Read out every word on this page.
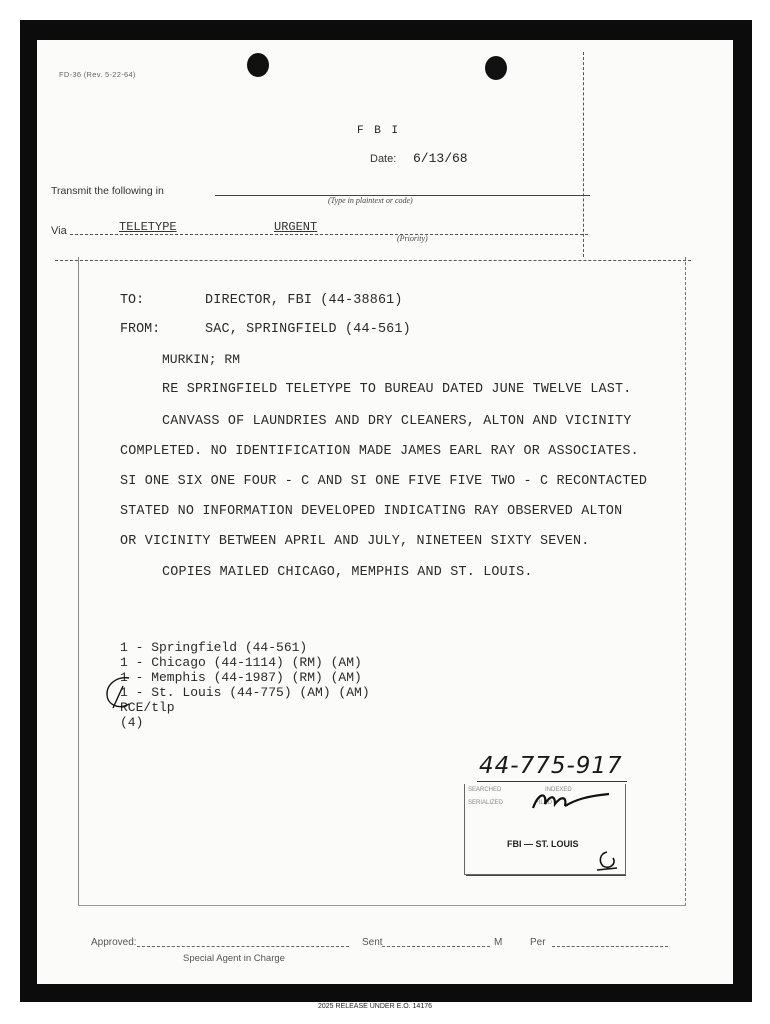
FD-36 (Rev. 5-22-64)
F B I
Date: 6/13/68
Transmit the following in
(Type in plaintext or code)
Via	TELETYPE	URGENT
(Priority)
TO:	DIRECTOR, FBI (44-38861)
FROM:	SAC, SPRINGFIELD (44-561)
MURKIN; RM
RE SPRINGFIELD TELETYPE TO BUREAU DATED JUNE TWELVE LAST.
CANVASS OF LAUNDRIES AND DRY CLEANERS, ALTON AND VICINITY
COMPLETED. NO IDENTIFICATION MADE JAMES EARL RAY OR ASSOCIATES.
SI ONE SIX ONE FOUR - C AND SI ONE FIVE FIVE TWO - C RECONTACTED
STATED NO INFORMATION DEVELOPED INDICATING RAY OBSERVED ALTON
OR VICINITY BETWEEN APRIL AND JULY, NINETEEN SIXTY SEVEN.
COPIES MAILED CHICAGO, MEMPHIS AND ST. LOUIS.
1 - Springfield (44-561)
1 - Chicago (44-1114) (RM) (AM)
1 - Memphis (44-1987) (RM) (AM)
1 - St. Louis (44-775) (AM) (AM)
RCE/tlp
(4)
44-775-917
SEARCHED	INDEXED
SERIALIZED	FILED
FBI — ST. LOUIS
Approved:
Special Agent in Charge
Sent	M	Per
2025 RELEASE UNDER E.O. 14176
